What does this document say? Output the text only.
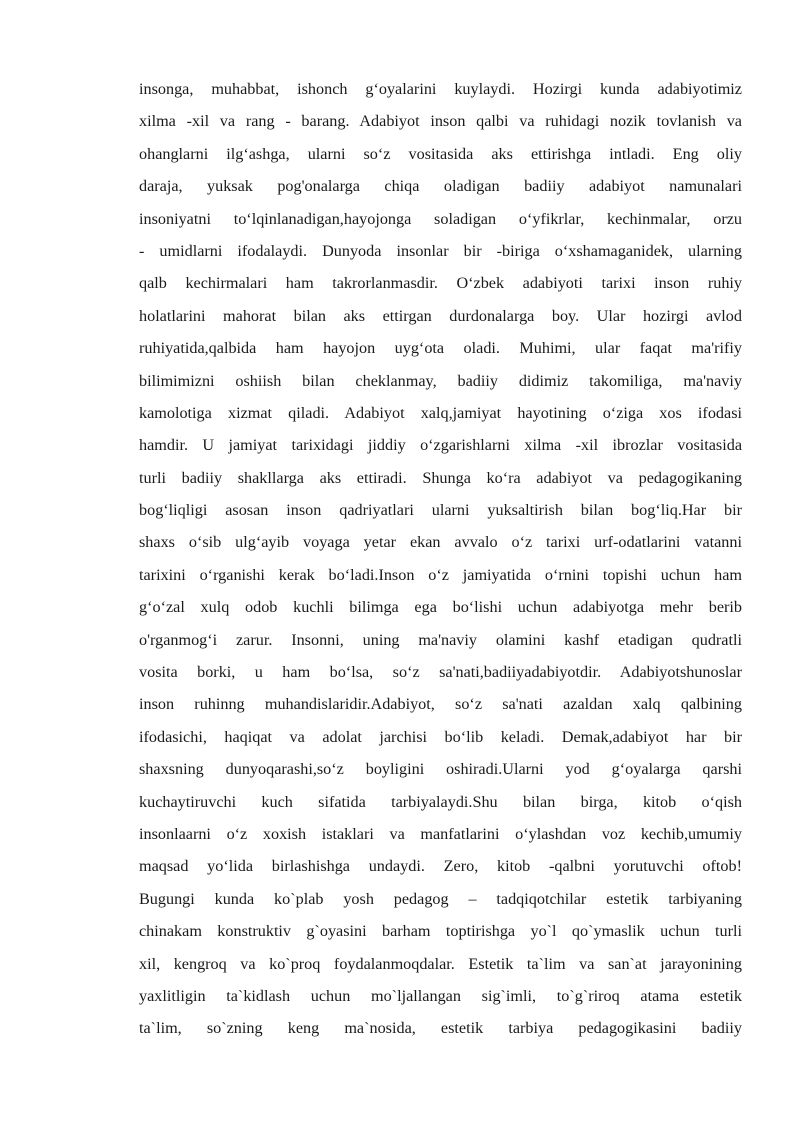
insonga, muhabbat, ishonch g‘oyalarini kuylaydi. Hozirgi kunda adabiyotimiz
xilma -xil va rang - barang. Adabiyot inson qalbi va ruhidagi nozik tovlanish va
ohanglarni ilg‘ashga, ularni so‘z vositasida aks ettirishga intladi. Eng oliy
daraja, yuksak pog'onalarga chiqa oladigan badiiy adabiyot namunalari
insoniyatni to‘lqinlanadigan,hayojonga soladigan o‘yfikrlar, kechinmalar, orzu
- umidlarni ifodalaydi. Dunyoda insonlar bir -biriga o‘xshamaganidek, ularning
qalb kechirmalari ham takrorlanmasdir. O‘zbek adabiyoti tarixi inson ruhiy
holatlarini mahorat bilan aks ettirgan durdonalarga boy. Ular hozirgi avlod
ruhiyatida,qalbida ham hayojon uyg‘ota oladi. Muhimi, ular faqat ma'rifiy
bilimimizni oshiish bilan cheklanmay, badiiy didimiz takomiliga, ma'naviy
kamolotiga xizmat qiladi. Adabiyot xalq,jamiyat hayotining o‘ziga xos ifodasi
hamdir. U jamiyat tarixidagi jiddiy o‘zgarishlarni xilma -xil ibrozlar vositasida
turli badiiy shakllarga aks ettiradi. Shunga ko‘ra adabiyot va pedagogikaning
bog‘liqligi asosan inson qadriyatlari ularni yuksaltirish bilan bog‘liq.Har bir
shaxs o‘sib ulg‘ayib voyaga yetar ekan avvalo o‘z tarixi urf-odatlarini vatanni
tarixini o‘rganishi kerak bo‘ladi.Inson o‘z jamiyatida o‘rnini topishi uchun ham
g‘o‘zal xulq odob kuchli bilimga ega bo‘lishi uchun adabiyotga mehr berib
o'rganmog‘i zarur. Insonni, uning ma'naviy olamini kashf etadigan qudratli
vosita borki, u ham bo‘lsa, so‘z sa'nati,badiiyadabiyotdir. Adabiyotshunoslar
inson ruhinng muhandislaridir.Adabiyot, so‘z sa'nati azaldan xalq qalbining
ifodasichi, haqiqat va adolat jarchisi bo‘lib keladi. Demak,adabiyot har bir
shaxsning dunyoqarashi,so‘z boyligini oshiradi.Ularni yod g‘oyalarga qarshi
kuchaytiruvchi kuch sifatida tarbiyalaydi.Shu bilan birga, kitob o‘qish
insonlaarni o‘z xoxish istaklari va manfatlarini o‘ylashdan voz kechib,umumiy
maqsad yo‘lida birlashishga undaydi. Zero, kitob -qalbni yorutuvchi oftob!
Bugungi kunda ko`plab yosh pedagog – tadqiqotchilar estetik tarbiyaning
chinakam konstruktiv g`oyasini barham toptirishga yo`l qo`ymaslik uchun turli
xil, kengroq va ko`proq foydalanmoqdalar. Estetik ta`lim va san`at jarayonining
yaxlitligin ta`kidlash uchun mo`ljallangan sig`imli, to`g`riroq atama estetik
ta`lim, so`zning keng ma`nosida, estetik tarbiya pedagogikasini badiiy
